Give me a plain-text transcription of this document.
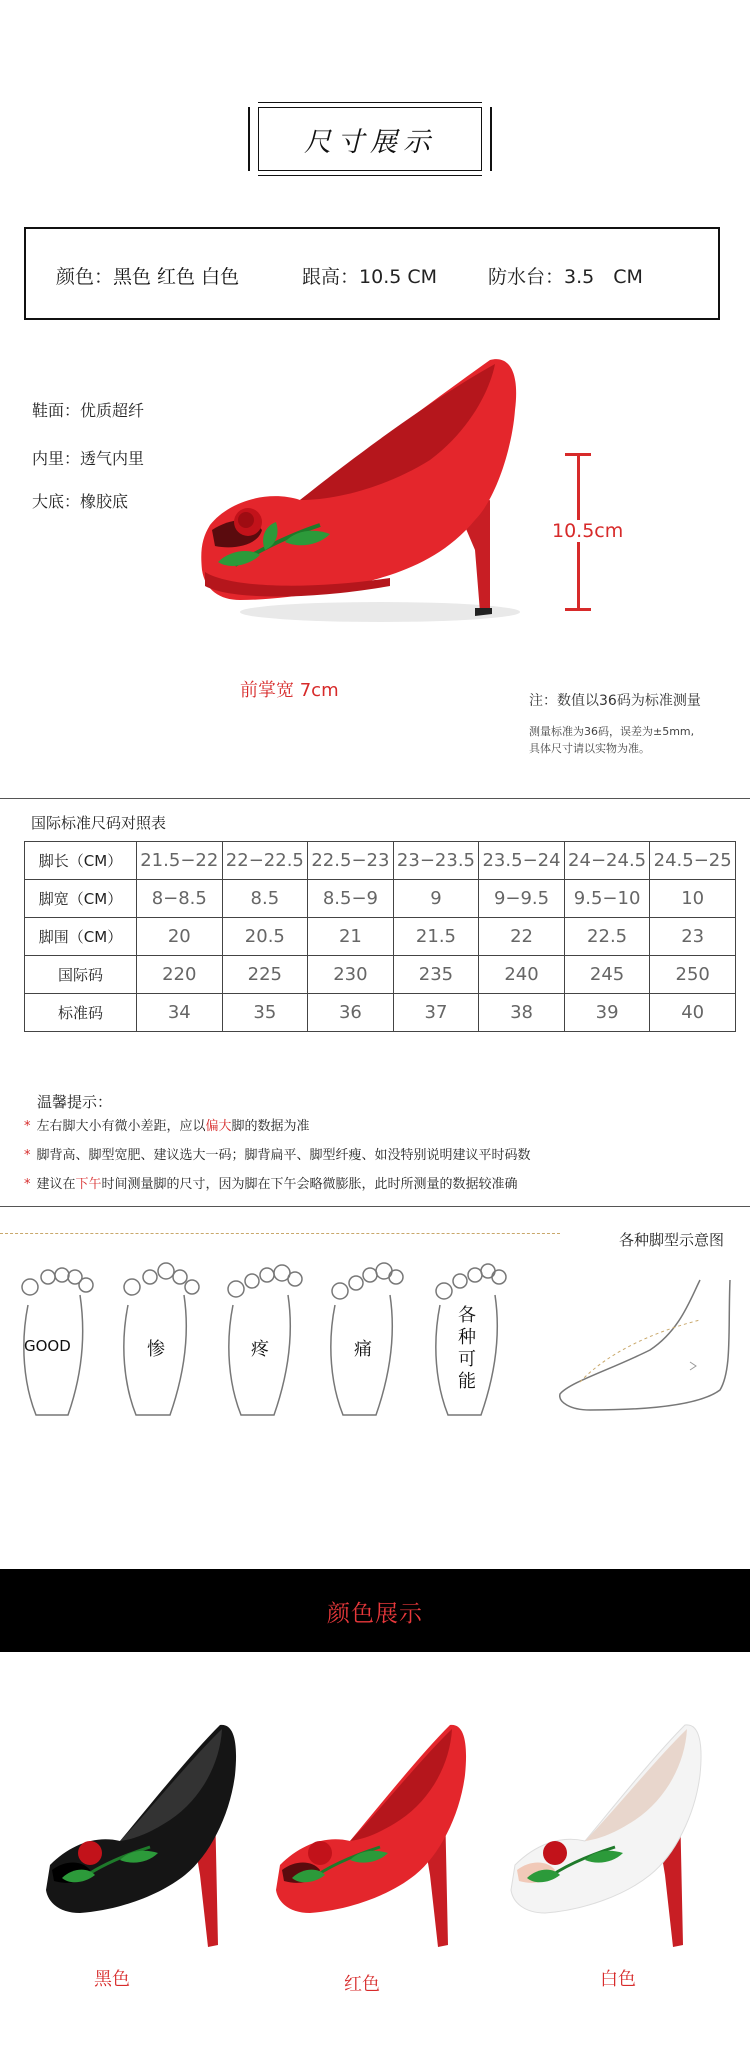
尺寸展示
颜色：黑色 红色 白色	跟高：10.5 CM	防水台：3.5　CM
鞋面：优质超纤
内里：透气内里
大底：橡胶底
10.5cm
前掌宽 7cm	注：数值以36码为标准测量
测量标准为36码，误差为±5mm,
具体尺寸请以实物为准。
国际标准尺码对照表
脚长（CM）	21.5−22	22−22.5	22.5−23	23−23.5	23.5−24	24−24.5	24.5−25
脚宽（CM）	8−8.5	8.5	8.5−9	9	9−9.5	9.5−10	10
脚围（CM）	20	20.5	21	21.5	22	22.5	23
国际码	220	225	230	235	240	245	250
标准码	34	35	36	37	38	39	40
温馨提示：
* 左右脚大小有微小差距，应以偏大脚的数据为准
* 脚背高、脚型宽肥、建议选大一码；脚背扁平、脚型纤瘦、如没特别说明建议平时码数
* 建议在下午时间测量脚的尺寸，因为脚在下午会略微膨胀，此时所测量的数据较准确
各种脚型示意图
GOOD	惨	疼	痛
各种可能
颜色展示
黑色	红色	白色
